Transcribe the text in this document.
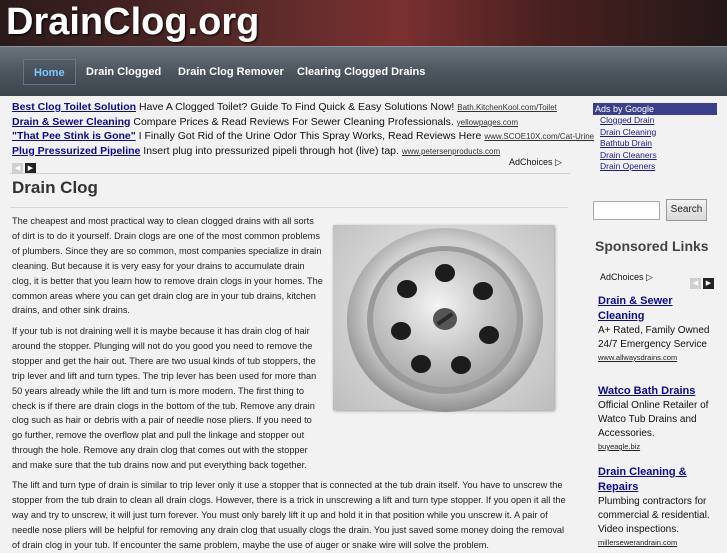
DrainClog.org
Home	Drain Clogged	Drain Clog Remover	Clearing Clogged Drains
Best Clog Toilet Solution Have A Clogged Toilet? Guide To Find Quick & Easy Solutions Now! Bath.KitchenKool.com/Toilet
Drain & Sewer Cleaning Compare Prices & Read Reviews For Sewer Cleaning Professionals. yellowpages.com
"That Pee Stink is Gone" I Finally Got Rid of the Urine Odor This Spray Works, Read Reviews Here www.SCOE10X.com/Cat-Urine
Plug Pressurized Pipeline Insert plug into pressurized pipeli through hot (live) tap. www.petersenproducts.com
◀ ▶
AdChoices ▷
Drain Clog
The cheapest and most practical way to clean clogged drains with all sorts of dirt is to do it yourself. Drain clogs are one of the most common problems of plumbers. Since they are so common, most companies specialize in drain cleaning. But because it is very easy for your drains to accumulate drain clog, it is better that you learn how to remove drain clogs in your homes. The common areas where you can get drain clog are in your tub drains, kitchen drains, and other sink drains.
If your tub is not draining well it is maybe because it has drain clog of hair around the stopper. Plunging will not do you good you need to remove the stopper and get the hair out. There are two usual kinds of tub stoppers, the trip lever and lift and turn types. The trip lever has been used for more than 50 years already while the lift and turn is more modern. The first thing to check is if there are drain clogs in the bottom of the tub. Remove any drain clog such as hair or debris with a pair of needle nose pliers. If you need to go further, remove the overflow plat and pull the linkage and stopper out through the hole. Remove any drain clog that comes out with the stopper and make sure that the tub drains now and put everything back together.
The lift and turn type of drain is similar to trip lever only it use a stopper that is connected at the tub drain itself. You have to unscrew the stopper from the tub drain to clean all drain clogs. However, there is a trick in unscrewing a lift and turn type stopper. If you open it all the way and try to unscrew, it will just turn forever. You must only barely lift it up and hold it in that position while you unscrew it. A pair of needle nose pliers will be helpful for removing any drain clog that usually clogs the drain. You just saved some money doing the removal of drain clog in your tub. If encounter the same problem, maybe the use of auger or snake wire will solve the problem.
Ads by Google
Clogged Drain
Drain Cleaning
Bathtub Drain
Drain Cleaners
Drain Openers
Search
Sponsored Links
AdChoices ▷
◀ ▶
Drain & Sewer Cleaning
A+ Rated, Family Owned 24/7 Emergency Service
www.allwaysdrains.com
Watco Bath Drains
Official Online Retailer of Watco Tub Drains and Accessories.
buyeagle.biz
Drain Cleaning & Repairs
Plumbing contractors for commercial & residential. Video inspections.
millersewerandrain.com
